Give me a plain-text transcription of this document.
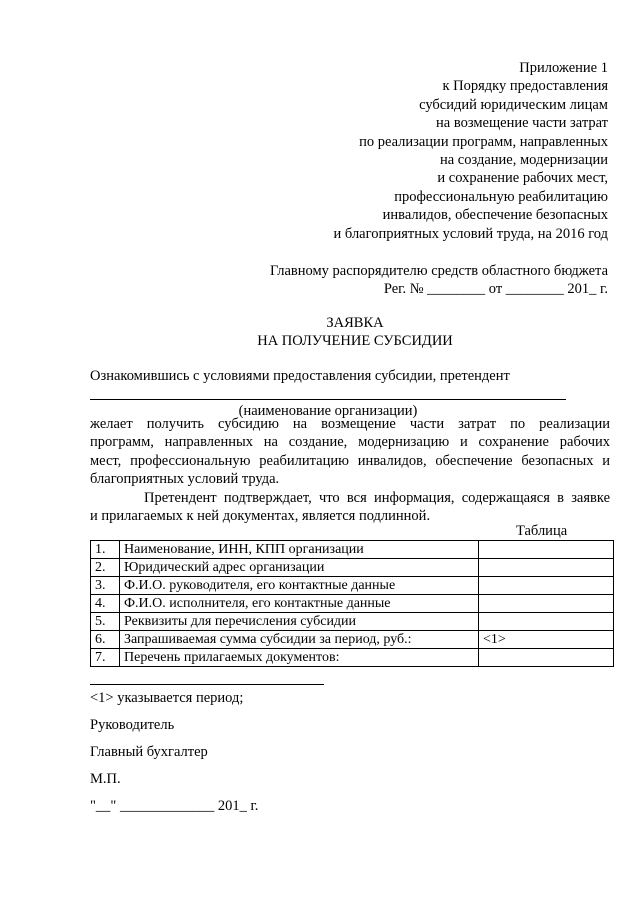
Приложение 1
к Порядку предоставления
субсидий юридическим лицам
на возмещение части затрат
по реализации программ, направленных
на создание, модернизации
и сохранение рабочих мест,
профессиональную реабилитацию
инвалидов, обеспечение безопасных
и благоприятных условий труда, на 2016 год
Главному распорядителю средств областного бюджета
Рег. № ________ от ________ 201_ г.
ЗАЯВКА
НА ПОЛУЧЕНИЕ СУБСИДИИ
Ознакомившись с условиями предоставления субсидии, претендент
(наименование организации)
желает получить субсидию на возмещение части затрат по реализации
программ, направленных на создание, модернизацию и сохранение рабочих
мест, профессиональную реабилитацию инвалидов, обеспечение безопасных и
благоприятных условий труда.
Претендент подтверждает, что вся информация, содержащаяся в заявке
и прилагаемых к ней документах, является подлинной.
Таблица
1.	Наименование, ИНН, КПП организации	
2.	Юридический адрес организации	
3.	Ф.И.О. руководителя, его контактные данные	
4.	Ф.И.О. исполнителя, его контактные данные	
5.	Реквизиты для перечисления субсидии	
6.	Запрашиваемая сумма субсидии за период, руб.:	<1>
7.	Перечень прилагаемых документов:	
<1> указывается период;
Руководитель
Главный бухгалтер
М.П.
"__" _____________ 201_ г.
